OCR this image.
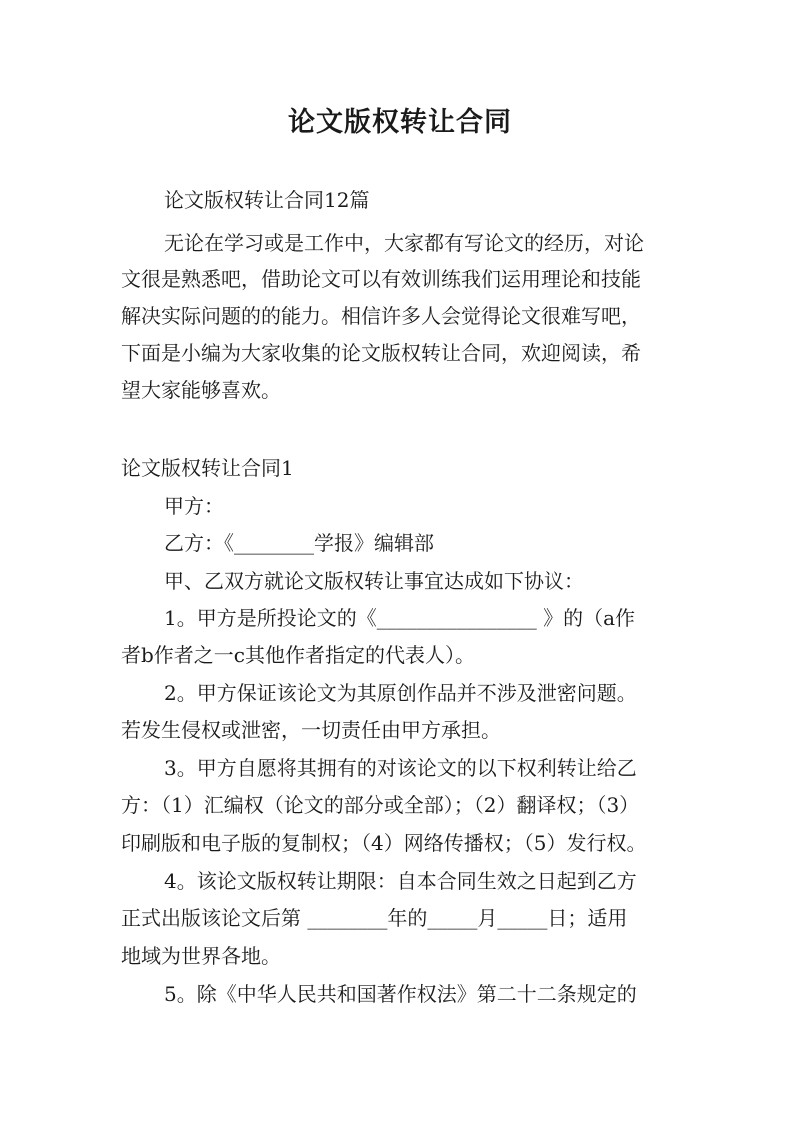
论文版权转让合同
论文版权转让合同12篇
无论在学习或是工作中，大家都有写论文的经历，对论
文很是熟悉吧，借助论文可以有效训练我们运用理论和技能
解决实际问题的的能力。相信许多人会觉得论文很难写吧，
下面是小编为大家收集的论文版权转让合同，欢迎阅读，希
望大家能够喜欢。
论文版权转让合同1
甲方：
乙方：《________学报》编辑部
甲、乙双方就论文版权转让事宜达成如下协议：
1。甲方是所投论文的《________________ 》的（a作
者b作者之一c其他作者指定的代表人）。
2。甲方保证该论文为其原创作品并不涉及泄密问题。
若发生侵权或泄密，一切责任由甲方承担。
3。甲方自愿将其拥有的对该论文的以下权利转让给乙
方：（1）汇编权（论文的部分或全部）；（2）翻译权；（3）
印刷版和电子版的复制权；（4）网络传播权；（5）发行权。
4。该论文版权转让期限：自本合同生效之日起到乙方
正式出版该论文后第 ________年的_____月_____日；适用
地域为世界各地。
5。除《中华人民共和国著作权法》第二十二条规定的
